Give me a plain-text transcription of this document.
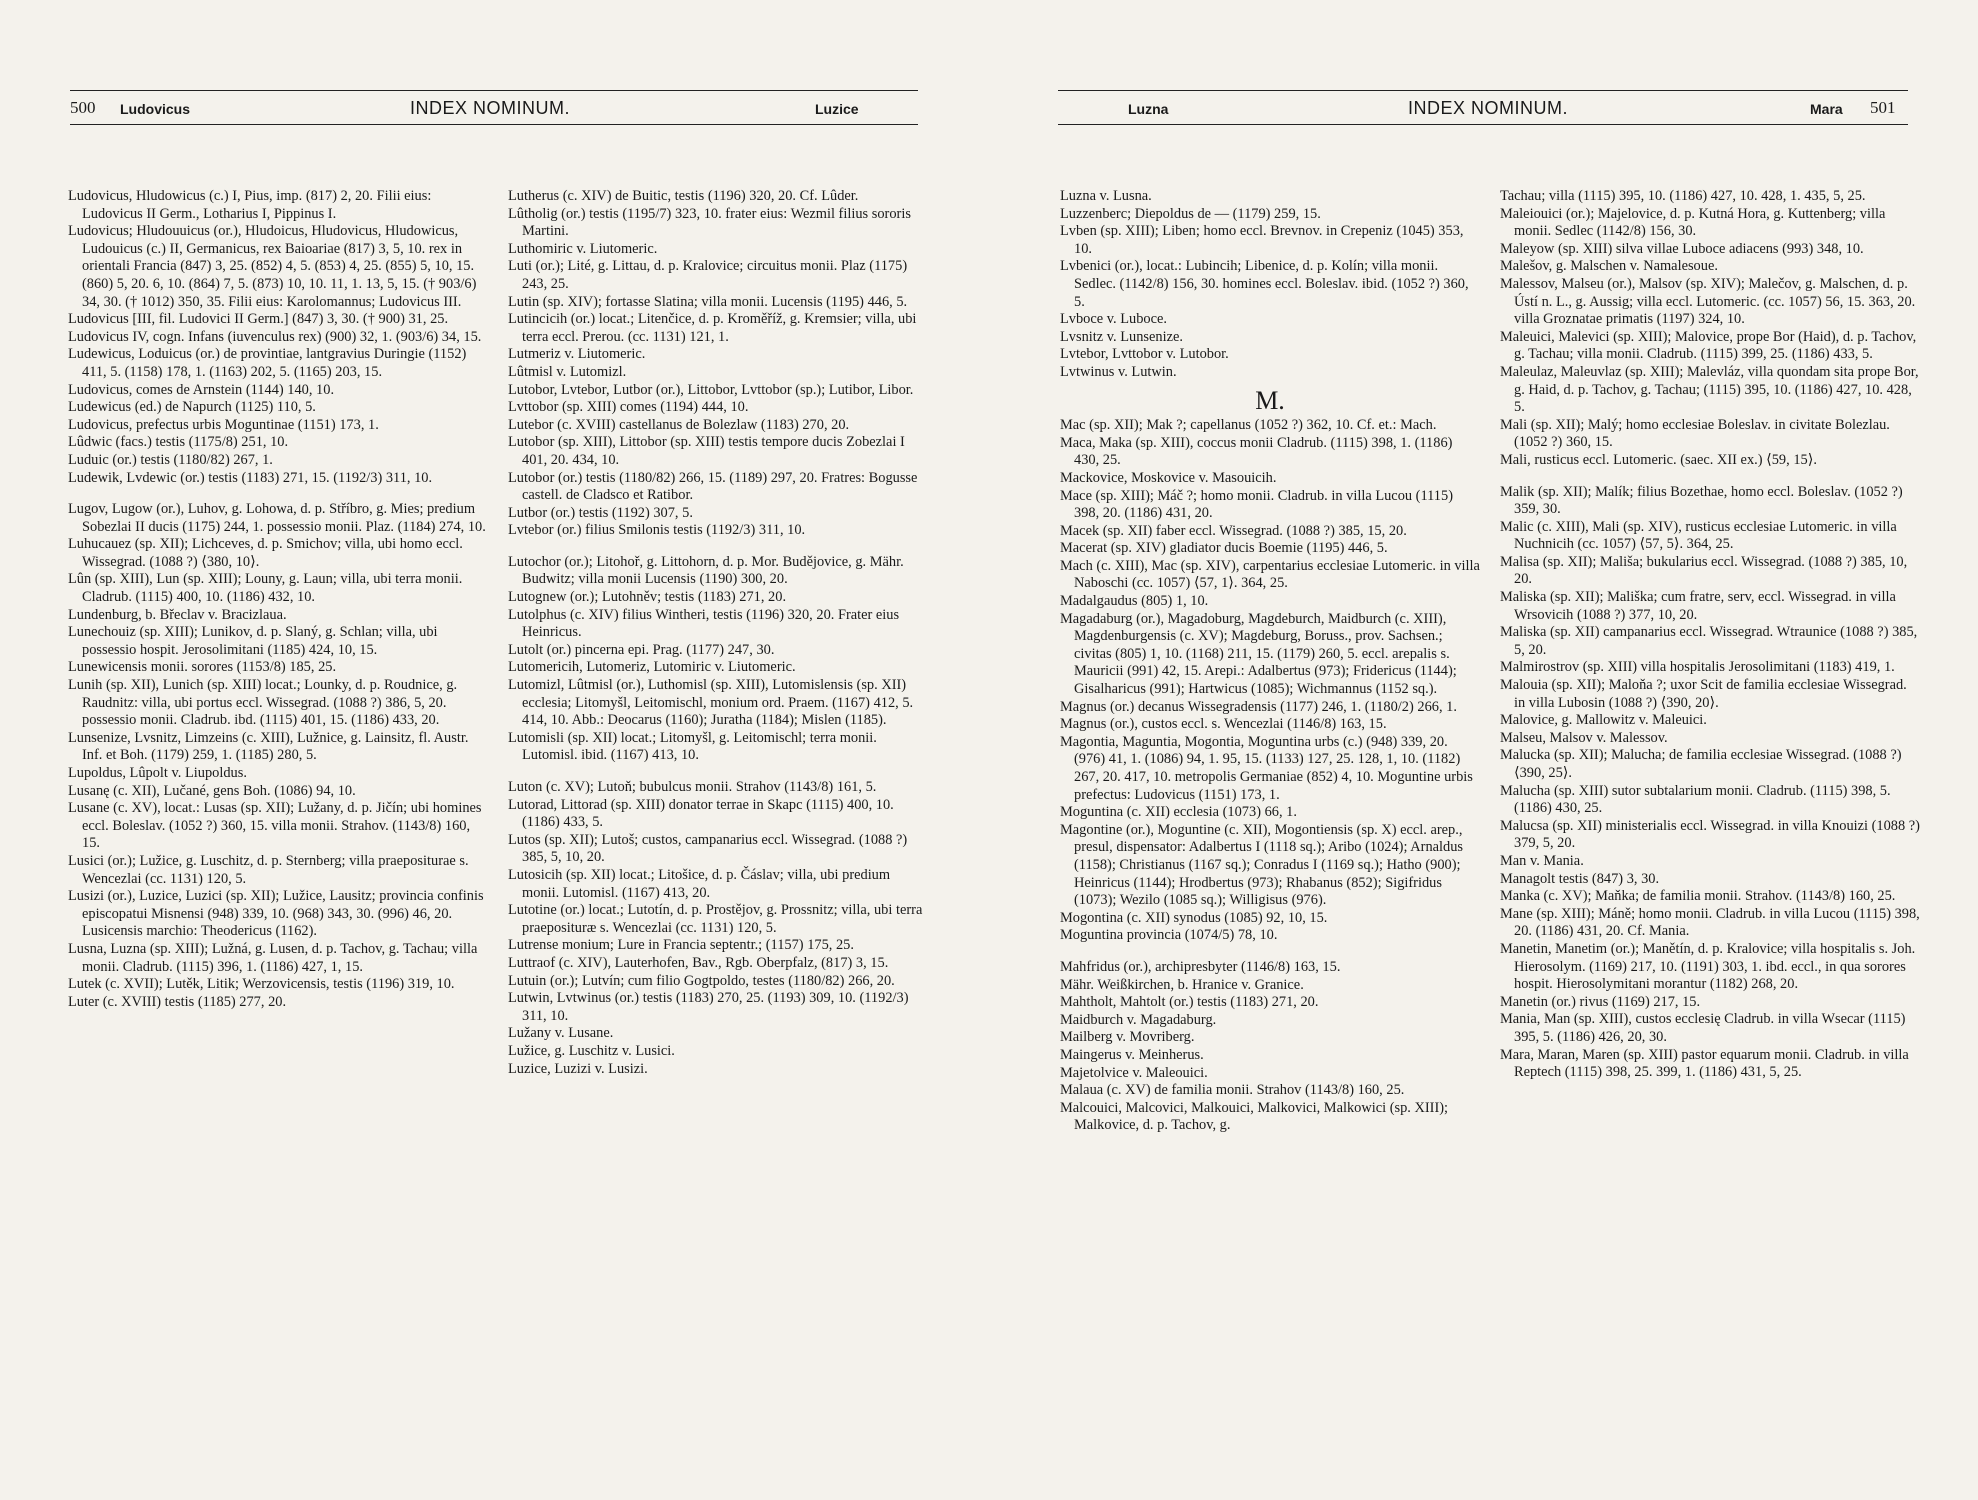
500 Ludovicus	INDEX NOMINUM.	Luzice

Ludovicus, Hludowicus (c.) I, Pius, imp. (817) 2, 20. Filii eius: Ludovicus II Germ., Lotharius I, Pippinus I.

Ludovicus; Hludouuicus (or.), Hludoicus, Hludovicus, Hludowicus, Ludouicus (c.) II, Germanicus, rex Baioariae (817) 3, 5, 10. rex in orientali Francia (847) 3, 25. (852) 4, 5. (853) 4, 25. (855) 5, 10, 15. (860) 5, 20. 6, 10. (864) 7, 5. (873) 10, 10. 11, 1. 13, 5, 15. († 903/6) 34, 30. († 1012) 350, 35. Filii eius: Karolomannus; Ludovicus III.

Ludovicus [III, fil. Ludovici II Germ.] (847) 3, 30. († 900) 31, 25.

Ludovicus IV, cogn. Infans (iuvenculus rex) (900) 32, 1. (903/6) 34, 15.

Ludewicus, Loduicus (or.) de provintiae, lantgravius Duringie (1152) 411, 5. (1158) 178, 1. (1163) 202, 5. (1165) 203, 15.

Ludovicus, comes de Arnstein (1144) 140, 10.

Ludewicus (ed.) de Napurch (1125) 110, 5.

Ludovicus, prefectus urbis Moguntinae (1151) 173, 1.

Lûdwic (facs.) testis (1175/8) 251, 10.

Luduic (or.) testis (1180/82) 267, 1.

Ludewik, Lvdewic (or.) testis (1183) 271, 15. (1192/3) 311, 10.

Lugov, Lugow (or.), Luhov, g. Lohowa, d. p. Stříbro, g. Mies; predium Sobezlai II ducis (1175) 244, 1. possessio monii. Plaz. (1184) 274, 10.

Luhucauez (sp. XII); Lichceves, d. p. Smichov; villa, ubi homo eccl. Wissegrad. (1088 ?) ⟨380, 10⟩.

Lûn (sp. XIII), Lun (sp. XIII); Louny, g. Laun; villa, ubi terra monii. Cladrub. (1115) 400, 10. (1186) 432, 10.

Lundenburg, b. Břeclav v. Bracizlaua.

Lunechouiz (sp. XIII); Lunikov, d. p. Slaný, g. Schlan; villa, ubi possessio hospit. Jerosolimitani (1185) 424, 10, 15.

Lunewicensis monii. sorores (1153/8) 185, 25.

Lunih (sp. XII), Lunich (sp. XIII) locat.; Lounky, d. p. Roudnice, g. Raudnitz: villa, ubi portus eccl. Wissegrad. (1088 ?) 386, 5, 20. possessio monii. Cladrub. ibd. (1115) 401, 15. (1186) 433, 20.

Lunsenize, Lvsnitz, Limzeins (c. XIII), Lužnice, g. Lainsitz, fl. Austr. Inf. et Boh. (1179) 259, 1. (1185) 280, 5.

Lupoldus, Lûpolt v. Liupoldus.

Lusanę (c. XII), Lučané, gens Boh. (1086) 94, 10.

Lusane (c. XV), locat.: Lusas (sp. XII); Lužany, d. p. Jičín; ubi homines eccl. Boleslav. (1052 ?) 360, 15. villa monii. Strahov. (1143/8) 160, 15.

Lusici (or.); Lužice, g. Luschitz, d. p. Sternberg; villa praepositurae s. Wencezlai (cc. 1131) 120, 5.

Lusizi (or.), Luzice, Luzici (sp. XII); Lužice, Lausitz; provincia confinis episcopatui Misnensi (948) 339, 10. (968) 343, 30. (996) 46, 20. Lusicensis marchio: Theodericus (1162).

Lusna, Luzna (sp. XIII); Lužná, g. Lusen, d. p. Tachov, g. Tachau; villa monii. Cladrub. (1115) 396, 1. (1186) 427, 1, 15.

Lutek (c. XVII); Lutěk, Litik; Werzovicensis, testis (1196) 319, 10.

Luter (c. XVIII) testis (1185) 277, 20.

Lutherus (c. XIV) de Buitic, testis (1196) 320, 20. Cf. Lûder.

Lûtholig (or.) testis (1195/7) 323, 10. frater eius: Wezmil filius sororis Martini.

Luthomiric v. Liutomeric.

Luti (or.); Lité, g. Littau, d. p. Kralovice; circuitus monii. Plaz (1175) 243, 25.

Lutin (sp. XIV); fortasse Slatina; villa monii. Lucensis (1195) 446, 5.

Lutincicih (or.) locat.; Litenčice, d. p. Kroměříž, g. Kremsier; villa, ubi terra eccl. Prerou. (cc. 1131) 121, 1.

Lutmeriz v. Liutomeric.

Lûtmisl v. Lutomizl.

Lutobor, Lvtebor, Lutbor (or.), Littobor, Lvttobor (sp.); Lutibor, Libor.

Lvttobor (sp. XIII) comes (1194) 444, 10.

Lutebor (c. XVIII) castellanus de Bolezlaw (1183) 270, 20.

Lutobor (sp. XIII), Littobor (sp. XIII) testis tempore ducis Zobezlai I 401, 20. 434, 10.

Lutobor (or.) testis (1180/82) 266, 15. (1189) 297, 20. Fratres: Bogusse castell. de Cladsco et Ratibor.

Lutbor (or.) testis (1192) 307, 5.

Lvtebor (or.) filius Smilonis testis (1192/3) 311, 10.

Lutochor (or.); Litohoř, g. Littohorn, d. p. Mor. Budějovice, g. Mähr. Budwitz; villa monii Lucensis (1190) 300, 20.

Lutognew (or.); Lutohněv; testis (1183) 271, 20.

Lutolphus (c. XIV) filius Wintheri, testis (1196) 320, 20. Frater eius Heinricus.

Lutolt (or.) pincerna epi. Prag. (1177) 247, 30.

Lutomericih, Lutomeriz, Lutomiric v. Liutomeric.

Lutomizl, Lûtmisl (or.), Luthomisl (sp. XIII), Lutomislensis (sp. XII) ecclesia; Litomyšl, Leitomischl, monium ord. Praem. (1167) 412, 5. 414, 10. Abb.: Deocarus (1160); Juratha (1184); Mislen (1185).

Lutomisli (sp. XII) locat.; Litomyšl, g. Leitomischl; terra monii. Lutomisl. ibid. (1167) 413, 10.

Luton (c. XV); Lutoň; bubulcus monii. Strahov (1143/8) 161, 5.

Lutorad, Littorad (sp. XIII) donator terrae in Skapc (1115) 400, 10. (1186) 433, 5.

Lutos (sp. XII); Lutoš; custos, campanarius eccl. Wissegrad. (1088 ?) 385, 5, 10, 20.

Lutosicih (sp. XII) locat.; Litošice, d. p. Čáslav; villa, ubi predium monii. Lutomisl. (1167) 413, 20.

Lutotine (or.) locat.; Lutotín, d. p. Prostějov, g. Prossnitz; villa, ubi terra praeposituræ s. Wencezlai (cc. 1131) 120, 5.

Lutrense monium; Lure in Francia septentr.; (1157) 175, 25.

Luttraof (c. XIV), Lauterhofen, Bav., Rgb. Oberpfalz, (817) 3, 15.

Lutuin (or.); Lutvín; cum filio Gogtpoldo, testes (1180/82) 266, 20.

Lutwin, Lvtwinus (or.) testis (1183) 270, 25. (1193) 309, 10. (1192/3) 311, 10.

Lužany v. Lusane.

Lužice, g. Luschitz v. Lusici.

Luzice, Luzizi v. Lusizi.

Luzna	INDEX NOMINUM.	Mara 501

Luzna v. Lusna.

Luzzenberc; Diepoldus de — (1179) 259, 15.

Lvben (sp. XIII); Liben; homo eccl. Brevnov. in Crepeniz (1045) 353, 10.

Lvbenici (or.), locat.: Lubincih; Libenice, d. p. Kolín; villa monii. Sedlec. (1142/8) 156, 30. homines eccl. Boleslav. ibid. (1052 ?) 360, 5.

Lvboce v. Luboce.

Lvsnitz v. Lunsenize.

Lvtebor, Lvttobor v. Lutobor.

Lvtwinus v. Lutwin.

M.

Mac (sp. XII); Mak ?; capellanus (1052 ?) 362, 10. Cf. et.: Mach.

Maca, Maka (sp. XIII), coccus monii Cladrub. (1115) 398, 1. (1186) 430, 25.

Mackovice, Moskovice v. Masouicih.

Mace (sp. XIII); Máč ?; homo monii. Cladrub. in villa Lucou (1115) 398, 20. (1186) 431, 20.

Macek (sp. XII) faber eccl. Wissegrad. (1088 ?) 385, 15, 20.

Macerat (sp. XIV) gladiator ducis Boemie (1195) 446, 5.

Mach (c. XIII), Mac (sp. XIV), carpentarius ecclesiae Lutomeric. in villa Naboschi (cc. 1057) ⟨57, 1⟩. 364, 25.

Madalgaudus (805) 1, 10.

Magadaburg (or.), Magadoburg, Magdeburch, Maidburch (c. XIII), Magdenburgensis (c. XV); Magdeburg, Boruss., prov. Sachsen.; civitas (805) 1, 10. (1168) 211, 15. (1179) 260, 5. eccl. arepalis s. Mauricii (991) 42, 15. Arepi.: Adalbertus (973); Fridericus (1144); Gisalharicus (991); Hartwicus (1085); Wichmannus (1152 sq.).

Magnus (or.) decanus Wissegradensis (1177) 246, 1. (1180/2) 266, 1.

Magnus (or.), custos eccl. s. Wencezlai (1146/8) 163, 15.

Magontia, Maguntia, Mogontia, Moguntina urbs (c.) (948) 339, 20. (976) 41, 1. (1086) 94, 1. 95, 15. (1133) 127, 25. 128, 1, 10. (1182) 267, 20. 417, 10. metropolis Germaniae (852) 4, 10. Moguntine urbis prefectus: Ludovicus (1151) 173, 1.

Moguntina (c. XII) ecclesia (1073) 66, 1.

Magontine (or.), Moguntine (c. XII), Mogontiensis (sp. X) eccl. arep., presul, dispensator: Adalbertus I (1118 sq.); Aribo (1024); Arnaldus (1158); Christianus (1167 sq.); Conradus I (1169 sq.); Hatho (900); Heinricus (1144); Hrodbertus (973); Rhabanus (852); Sigifridus (1073); Wezilo (1085 sq.); Willigisus (976).

Mogontina (c. XII) synodus (1085) 92, 10, 15.

Moguntina provincia (1074/5) 78, 10.

Mahfridus (or.), archipresbyter (1146/8) 163, 15.

Mähr. Weißkirchen, b. Hranice v. Granice.

Mahtholt, Mahtolt (or.) testis (1183) 271, 20.

Maidburch v. Magadaburg.

Mailberg v. Movriberg.

Maingerus v. Meinherus.

Majetolvice v. Maleouici.

Malaua (c. XV) de familia monii. Strahov (1143/8) 160, 25.

Malcouici, Malcovici, Malkouici, Malkovici, Malkowici (sp. XIII); Malkovice, d. p. Tachov, g.

Tachau; villa (1115) 395, 10. (1186) 427, 10. 428, 1. 435, 5, 25.

Maleiouici (or.); Majelovice, d. p. Kutná Hora, g. Kuttenberg; villa monii. Sedlec (1142/8) 156, 30.

Maleyow (sp. XIII) silva villae Luboce adiacens (993) 348, 10.

Malešov, g. Malschen v. Namalesoue.

Malessov, Malseu (or.), Malsov (sp. XIV); Malečov, g. Malschen, d. p. Ústí n. L., g. Aussig; villa eccl. Lutomeric. (cc. 1057) 56, 15. 363, 20. villa Groznatae primatis (1197) 324, 10.

Maleuici, Malevici (sp. XIII); Malovice, prope Bor (Haid), d. p. Tachov, g. Tachau; villa monii. Cladrub. (1115) 399, 25. (1186) 433, 5.

Maleulaz, Maleuvlaz (sp. XIII); Malevláz, villa quondam sita prope Bor, g. Haid, d. p. Tachov, g. Tachau; (1115) 395, 10. (1186) 427, 10. 428, 5.

Mali (sp. XII); Malý; homo ecclesiae Boleslav. in civitate Bolezlau. (1052 ?) 360, 15.

Mali, rusticus eccl. Lutomeric. (saec. XII ex.) ⟨59, 15⟩.

Malik (sp. XII); Malík; filius Bozethae, homo eccl. Boleslav. (1052 ?) 359, 30.

Malic (c. XIII), Mali (sp. XIV), rusticus ecclesiae Lutomeric. in villa Nuchnicih (cc. 1057) ⟨57, 5⟩. 364, 25.

Malisa (sp. XII); Mališa; bukularius eccl. Wissegrad. (1088 ?) 385, 10, 20.

Maliska (sp. XII); Mališka; cum fratre, serv, eccl. Wissegrad. in villa Wrsovicih (1088 ?) 377, 10, 20.

Maliska (sp. XII) campanarius eccl. Wissegrad. Wtraunice (1088 ?) 385, 5, 20.

Malmirostrov (sp. XIII) villa hospitalis Jerosolimitani (1183) 419, 1.

Malouia (sp. XII); Maloňa ?; uxor Scit de familia ecclesiae Wissegrad. in villa Lubosin (1088 ?) ⟨390, 20⟩.

Malovice, g. Mallowitz v. Maleuici.

Malseu, Malsov v. Malessov.

Malucka (sp. XII); Malucha; de familia ecclesiae Wissegrad. (1088 ?) ⟨390, 25⟩.

Malucha (sp. XIII) sutor subtalarium monii. Cladrub. (1115) 398, 5. (1186) 430, 25.

Malucsa (sp. XII) ministerialis eccl. Wissegrad. in villa Knouizi (1088 ?) 379, 5, 20.

Man v. Mania.

Managolt testis (847) 3, 30.

Manka (c. XV); Maňka; de familia monii. Strahov. (1143/8) 160, 25.

Mane (sp. XIII); Máně; homo monii. Cladrub. in villa Lucou (1115) 398, 20. (1186) 431, 20. Cf. Mania.

Manetin, Manetim (or.); Manětín, d. p. Kralovice; villa hospitalis s. Joh. Hierosolym. (1169) 217, 10. (1191) 303, 1. ibd. eccl., in qua sorores hospit. Hierosolymitani morantur (1182) 268, 20.

Manetin (or.) rivus (1169) 217, 15.

Mania, Man (sp. XIII), custos ecclesię Cladrub. in villa Wsecar (1115) 395, 5. (1186) 426, 20, 30.

Mara, Maran, Maren (sp. XIII) pastor equarum monii. Cladrub. in villa Reptech (1115) 398, 25. 399, 1. (1186) 431, 5, 25.
